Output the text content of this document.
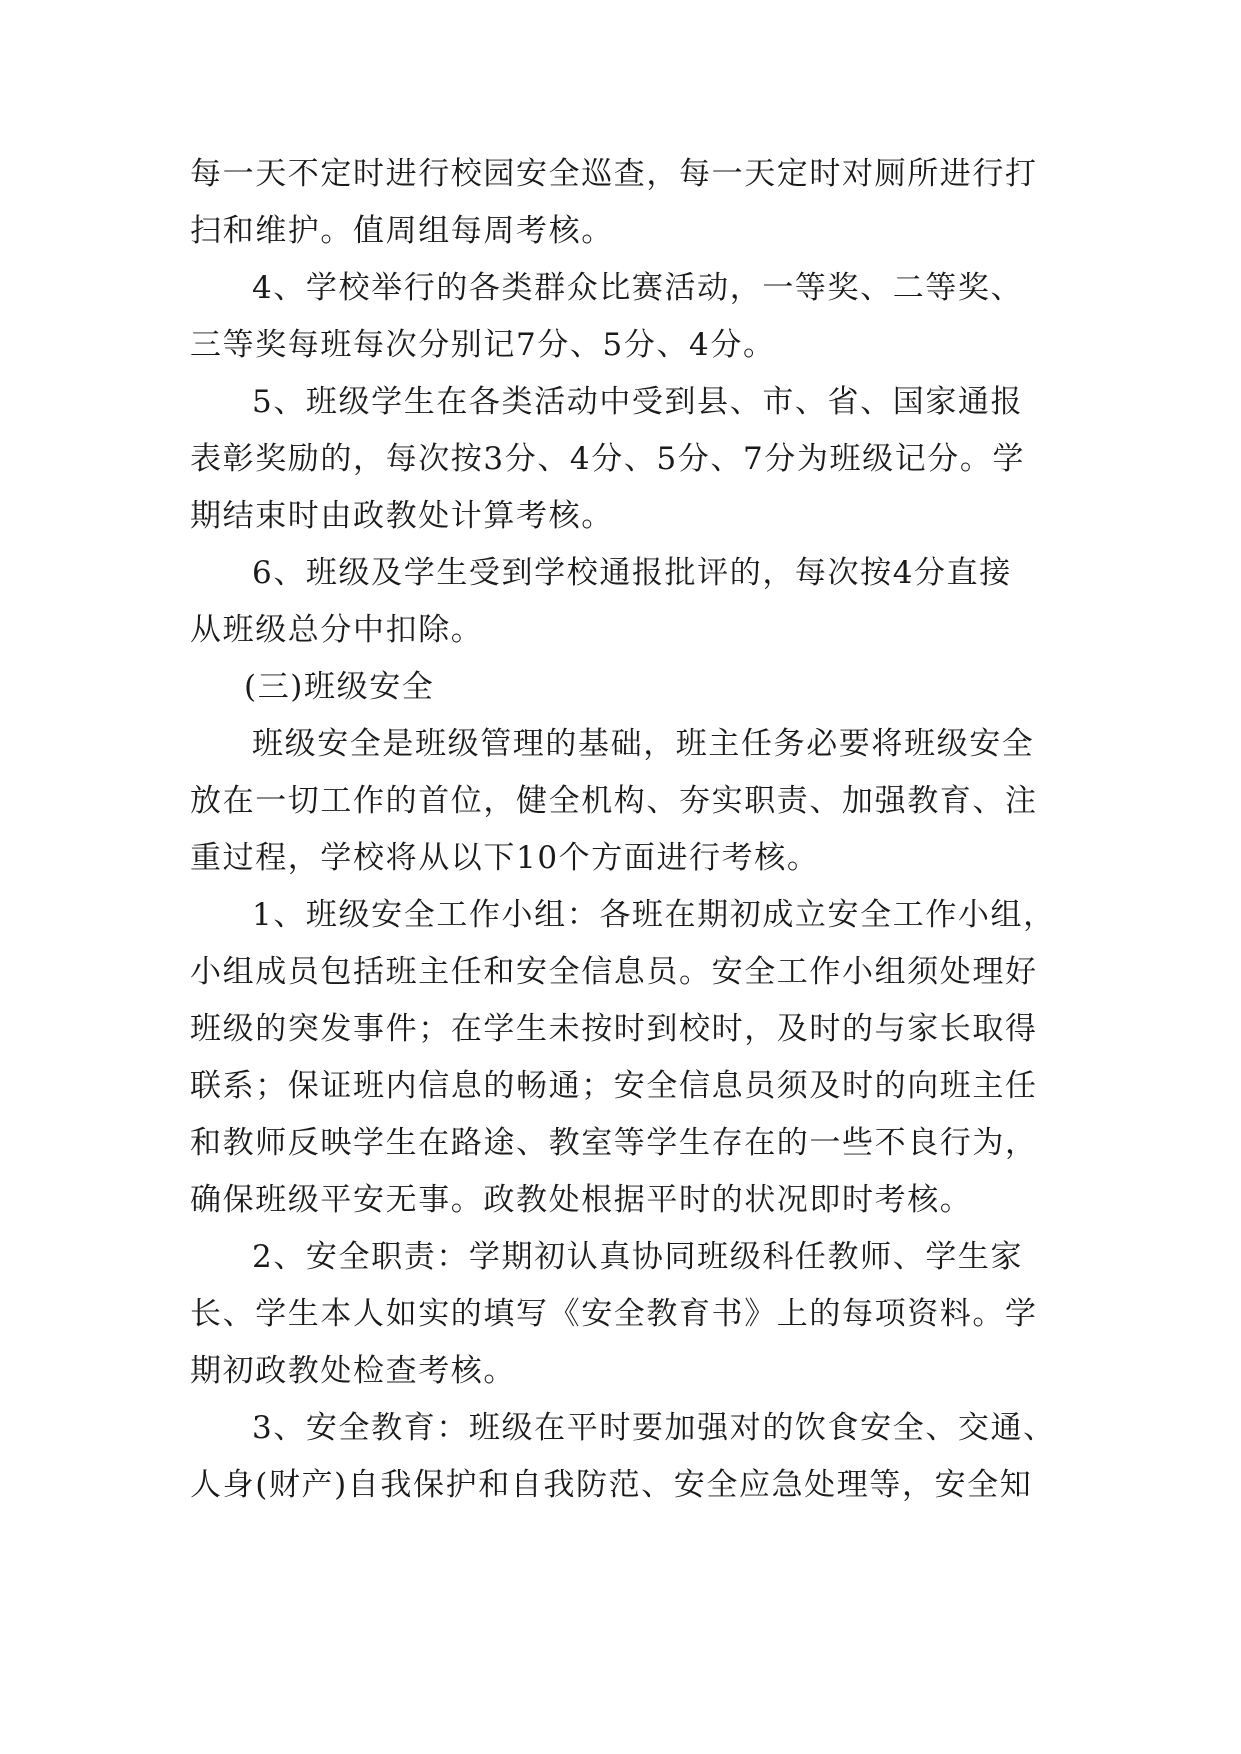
每一天不定时进行校园安全巡查，每一天定时对厕所进行打
扫和维护。值周组每周考核。
4、学校举行的各类群众比赛活动，一等奖、二等奖、
三等奖每班每次分别记7分、5分、4分。
5、班级学生在各类活动中受到县、市、省、国家通报
表彰奖励的，每次按3分、4分、5分、7分为班级记分。学
期结束时由政教处计算考核。
6、班级及学生受到学校通报批评的，每次按4分直接
从班级总分中扣除。
(三)班级安全
班级安全是班级管理的基础，班主任务必要将班级安全
放在一切工作的首位，健全机构、夯实职责、加强教育、注
重过程，学校将从以下10个方面进行考核。
1、班级安全工作小组：各班在期初成立安全工作小组，
小组成员包括班主任和安全信息员。安全工作小组须处理好
班级的突发事件；在学生未按时到校时，及时的与家长取得
联系；保证班内信息的畅通；安全信息员须及时的向班主任
和教师反映学生在路途、教室等学生存在的一些不良行为，
确保班级平安无事。政教处根据平时的状况即时考核。
2、安全职责：学期初认真协同班级科任教师、学生家
长、学生本人如实的填写《安全教育书》上的每项资料。学
期初政教处检查考核。
3、安全教育：班级在平时要加强对的饮食安全、交通、
人身(财产)自我保护和自我防范、安全应急处理等，安全知
